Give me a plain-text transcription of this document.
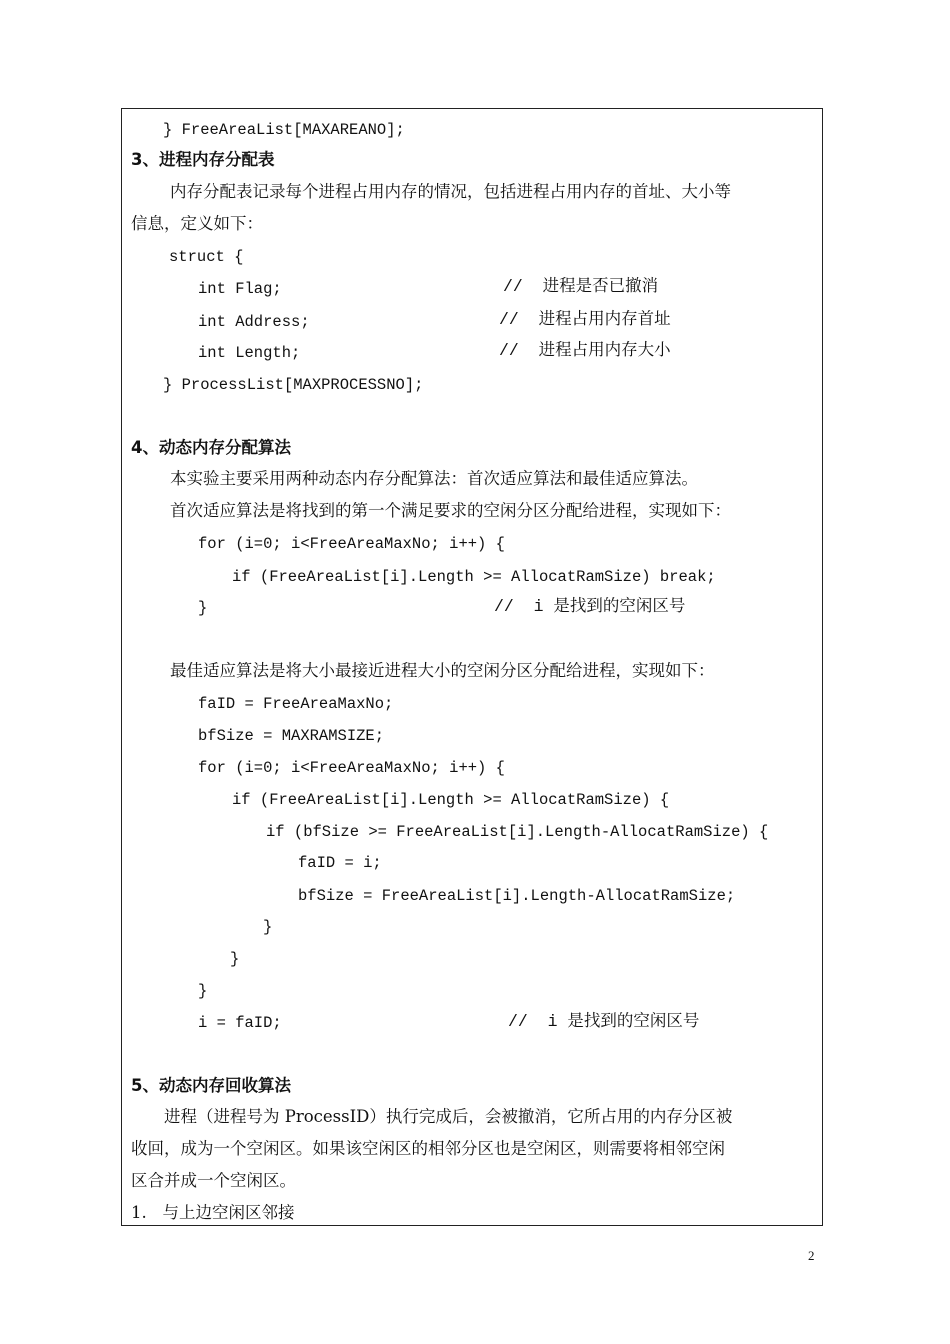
} FreeAreaList[MAXAREANO];
3、进程内存分配表
内存分配表记录每个进程占用内存的情况，包括进程占用内存的首址、大小等
信息，定义如下：
struct {
int Flag;	//  进程是否已撤消
int Address;	//  进程占用内存首址
int Length;	//  进程占用内存大小
} ProcessList[MAXPROCESSNO];
4、动态内存分配算法
本实验主要采用两种动态内存分配算法：首次适应算法和最佳适应算法。
首次适应算法是将找到的第一个满足要求的空闲分区分配给进程，实现如下：
for (i=0; i<FreeAreaMaxNo; i++) {
if (FreeAreaList[i].Length >= AllocatRamSize) break;
}	//  i 是找到的空闲区号
最佳适应算法是将大小最接近进程大小的空闲分区分配给进程，实现如下：
faID = FreeAreaMaxNo;
bfSize = MAXRAMSIZE;
for (i=0; i<FreeAreaMaxNo; i++) {
if (FreeAreaList[i].Length >= AllocatRamSize) {
if (bfSize >= FreeAreaList[i].Length-AllocatRamSize) {
faID = i;
bfSize = FreeAreaList[i].Length-AllocatRamSize;
}
}
}
i = faID;	//  i 是找到的空闲区号
5、动态内存回收算法
进程（进程号为 ProcessID）执行完成后，会被撤消，它所占用的内存分区被
收回，成为一个空闲区。如果该空闲区的相邻分区也是空闲区，则需要将相邻空闲
区合并成一个空闲区。
1.   与上边空闲区邻接
2
